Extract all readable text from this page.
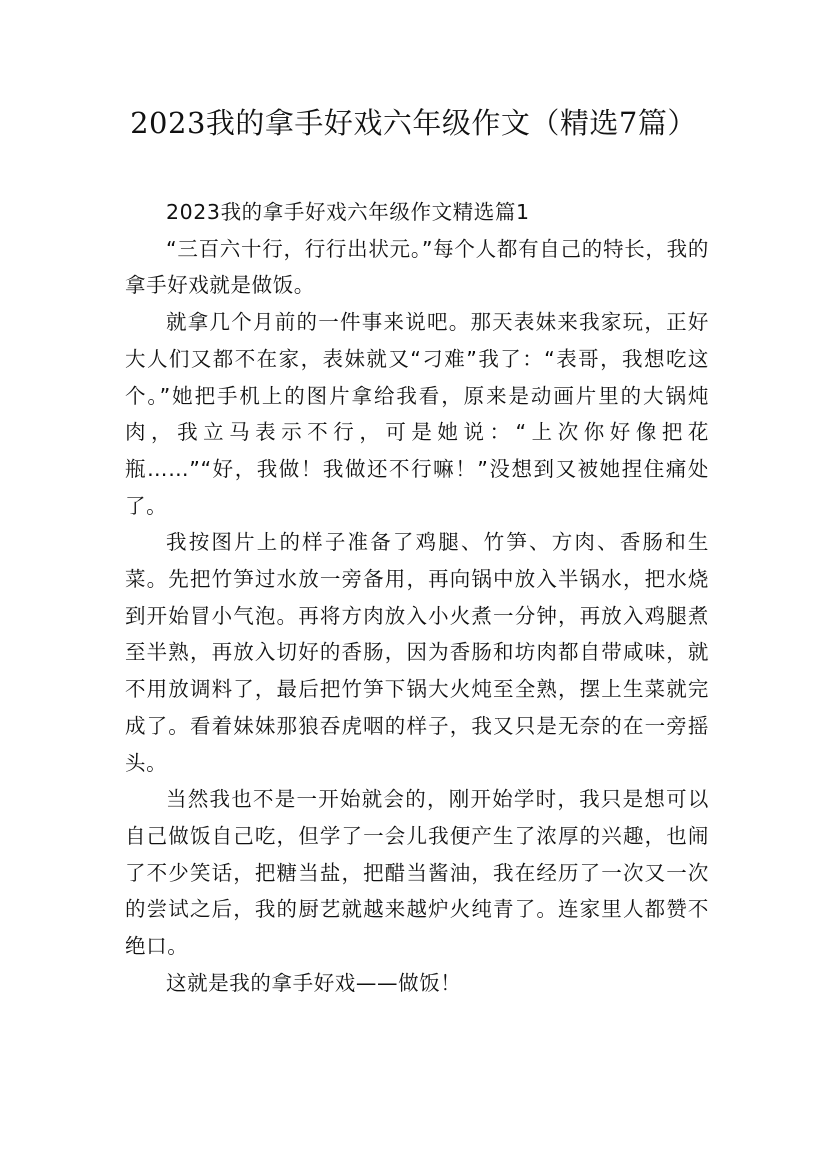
2023我的拿手好戏六年级作文（精选7篇）

2023我的拿手好戏六年级作文精选篇1

“三百六十行，行行出状元。”每个人都有自己的特长，我的拿手好戏就是做饭。

就拿几个月前的一件事来说吧。那天表妹来我家玩，正好大人们又都不在家，表妹就又“刁难”我了：“表哥，我想吃这个。”她把手机上的图片拿给我看，原来是动画片里的大锅炖肉，我立马表示不行，可是她说：“上次你好像把花瓶……”“好，我做！我做还不行嘛！”没想到又被她捏住痛处了。

我按图片上的样子准备了鸡腿、竹笋、方肉、香肠和生菜。先把竹笋过水放一旁备用，再向锅中放入半锅水，把水烧到开始冒小气泡。再将方肉放入小火煮一分钟，再放入鸡腿煮至半熟，再放入切好的香肠，因为香肠和坊肉都自带咸味，就不用放调料了，最后把竹笋下锅大火炖至全熟，摆上生菜就完成了。看着妹妹那狼吞虎咽的样子，我又只是无奈的在一旁摇头。

当然我也不是一开始就会的，刚开始学时，我只是想可以自己做饭自己吃，但学了一会儿我便产生了浓厚的兴趣，也闹了不少笑话，把糖当盐，把醋当酱油，我在经历了一次又一次的尝试之后，我的厨艺就越来越炉火纯青了。连家里人都赞不绝口。

这就是我的拿手好戏——做饭！
